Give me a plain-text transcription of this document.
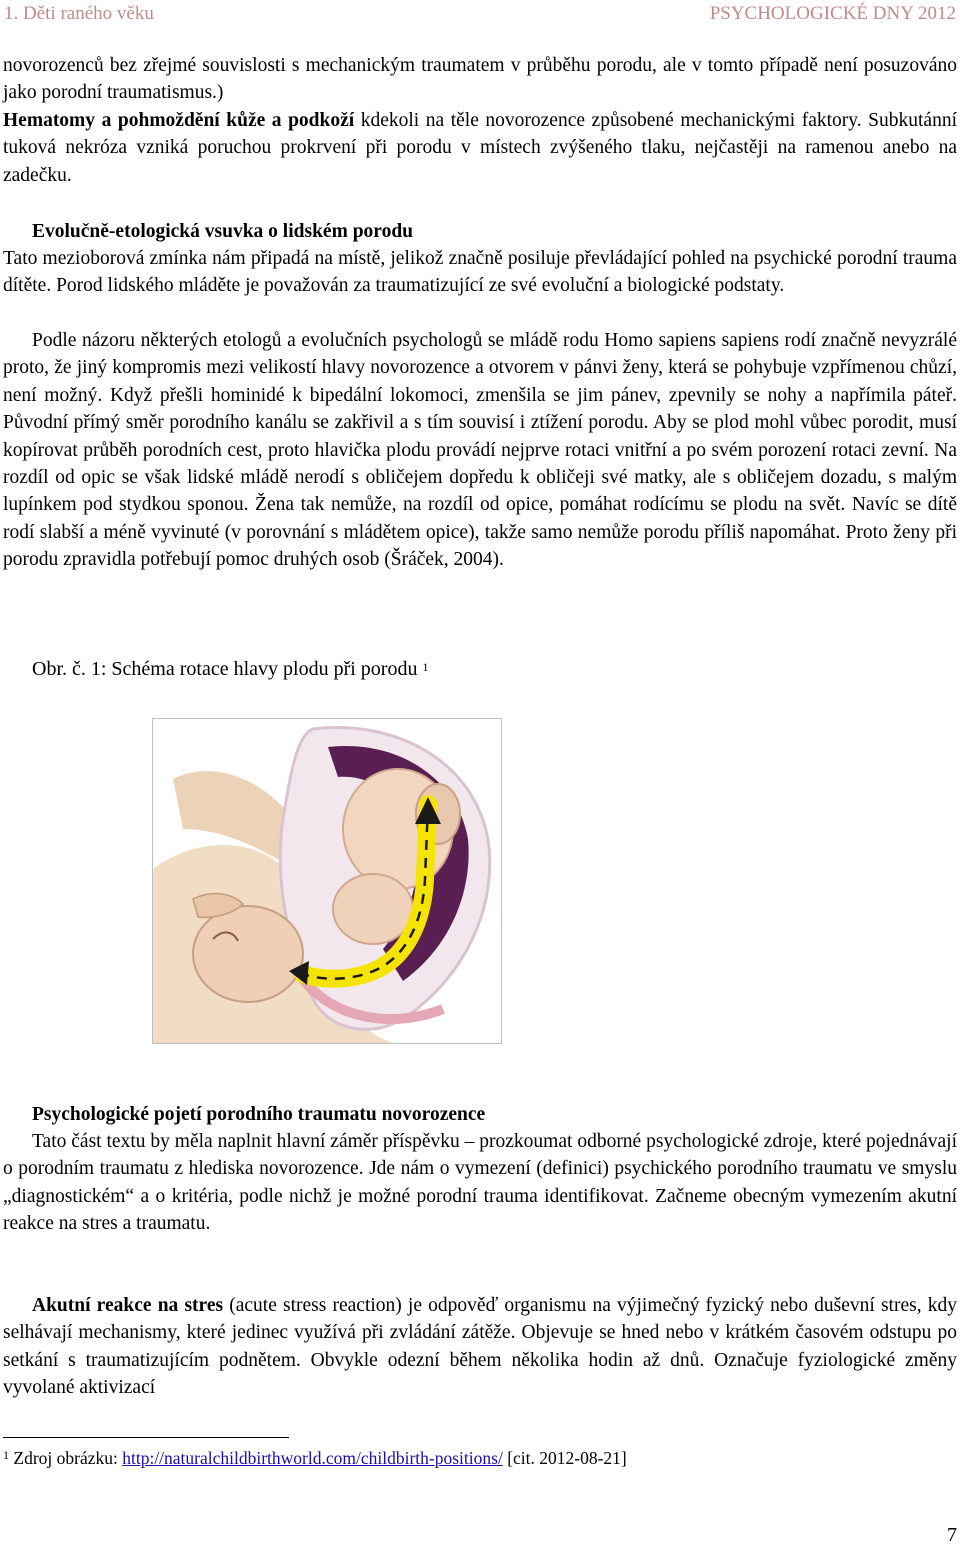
1. Děti raného věku	PSYCHOLOGICKÉ DNY 2012

novorozenců bez zřejmé souvislosti s mechanickým traumatem v průběhu porodu, ale v tomto případě není posuzováno jako porodní traumatismus.)

Hematomy a pohmoždění kůže a podkoží kdekoli na těle novorozence způsobené mechanickými faktory. Subkutánní tuková nekróza vzniká poruchou prokrvení při porodu v místech zvýšeného tlaku, nejčastěji na ramenou anebo na zadečku.

Evolučně-etologická vsuvka o lidském porodu

Tato mezioborová zmínka nám připadá na místě, jelikož značně posiluje převládající pohled na psychické porodní trauma dítěte. Porod lidského mláděte je považován za traumatizující ze své evoluční a biologické podstaty.

Podle názoru některých etologů a evolučních psychologů se mládě rodu Homo sapiens sapiens rodí značně nevyzrálé proto, že jiný kompromis mezi velikostí hlavy novorozence a otvorem v pánvi ženy, která se pohybuje vzpřímenou chůzí, není možný. Když přešli hominidé k bipedální lokomoci, zmenšila se jim pánev, zpevnily se nohy a napřímila páteř. Původní přímý směr porodního kanálu se zakřivil a s tím souvisí i ztížení porodu. Aby se plod mohl vůbec porodit, musí kopírovat průběh porodních cest, proto hlavička plodu provádí nejprve rotaci vnitřní a po svém porození rotaci zevní. Na rozdíl od opic se však lidské mládě nerodí s obličejem dopředu k obličeji své matky, ale s obličejem dozadu, s malým lupínkem pod stydkou sponou. Žena tak nemůže, na rozdíl od opice, pomáhat rodícímu se plodu na svět. Navíc se dítě rodí slabší a méně vyvinuté (v porovnání s mládětem opice), takže samo nemůže porodu příliš napomáhat. Proto ženy při porodu zpravidla potřebují pomoc druhých osob (Šráček, 2004).

Obr. č. 1: Schéma rotace hlavy plodu při porodu $^1$

Psychologické pojetí porodního traumatu novorozence

Tato část textu by měla naplnit hlavní záměr příspěvku – prozkoumat odborné psychologické zdroje, které pojednávají o porodním traumatu z hlediska novorozence. Jde nám o vymezení (definici) psychického porodního traumatu ve smyslu „diagnostickém“ a o kritéria, podle nichž je možné porodní trauma identifikovat. Začneme obecným vymezením akutní reakce na stres a traumatu.

Akutní reakce na stres (acute stress reaction) je odpověď organismu na výjimečný fyzický nebo duševní stres, kdy selhávají mechanismy, které jedinec využívá při zvládání zátěže. Objevuje se hned nebo v krátkém časovém odstupu po setkání s traumatizujícím podnětem. Obvykle odezní během několika hodin až dnů. Označuje fyziologické změny vyvolané aktivizací

$^1$ Zdroj obrázku: http://naturalchildbirthworld.com/childbirth-positions/ [cit. 2012-08-21]
7
